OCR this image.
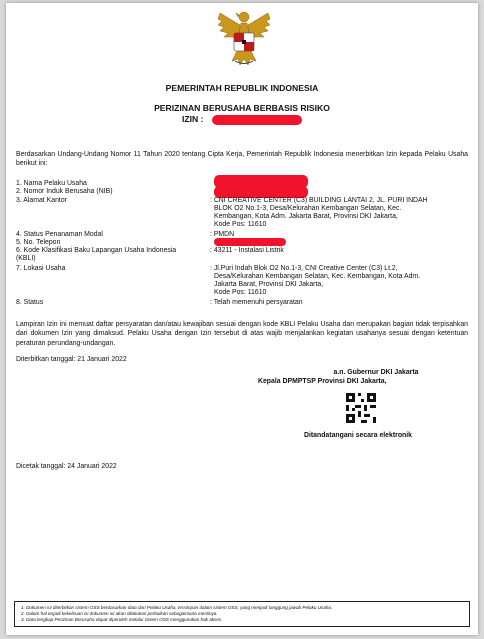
PEMERINTAH REPUBLIK INDONESIA
PERIZINAN BERUSAHA BERBASIS RISIKO
IZIN :
Berdasarkan Undang-Undang Nomor 11 Tahun 2020 tentang Cipta Kerja, Pemerintah Republik Indonesia menerbitkan Izin kepada Pelaku Usaha berikut ini:
1. Nama Pelaku Usaha
2. Nomor Induk Berusaha (NIB)
3. Alamat Kantor	: CNI CREATIVE CENTER (C3) BUILDING LANTAI 2, JL. PURI INDAH
BLOK O2 No.1-3, Desa/Kelurahan Kembangan Selatan, Kec.
Kembangan, Kota Adm. Jakarta Barat, Provinsi DKI Jakarta,
Kode Pos: 11610
4. Status Penanaman Modal	: PMDN
5. No. Telepon
6. Kode Klasifikasi Baku Lapangan Usaha Indonesia
(KBLI)
: 43211 - Instalasi Listrik
7. Lokasi Usaha	: Jl.Puri Indah Blok O2 No.1-3, CNI Creative Center (C3) Lt.2,
Desa/Kelurahan Kembangan Selatan, Kec. Kembangan, Kota Adm.
Jakarta Barat, Provinsi DKI Jakarta,
Kode Pos: 11610
8. Status	: Telah memenuhi persyaratan
Lampiran Izin ini memuat daftar persyaratan dan/atau kewajiban sesuai dengan kode KBLI Pelaku Usaha dan merupakan bagian tidak terpisahkan dari dokumen Izin yang dimaksud. Pelaku Usaha dengan Izin tersebut di atas wajib menjalankan kegiatan usahanya sesuai dengan ketentuan peraturan perundang-undangan.
Diterbitkan tanggal: 21 Januari 2022
a.n. Gubernur DKI Jakarta
Kepala DPMPTSP Provinsi DKI Jakarta,
Ditandatangani secara elektronik
Dicetak tanggal: 24 Januari 2022
1. Dokumen ini diterbitkan sistem OSS berdasarkan data dari Pelaku Usaha, tersimpan dalam sistem OSS, yang menjadi tanggung jawab Pelaku Usaha.
2. Dalam hal terjadi kekeliruan isi dokumen ini akan dilakukan perbaikan sebagaimana mestinya.
3. Data lengkap Perizinan Berusaha dapat diperoleh melalui sistem OSS menggunakan hak akses.
